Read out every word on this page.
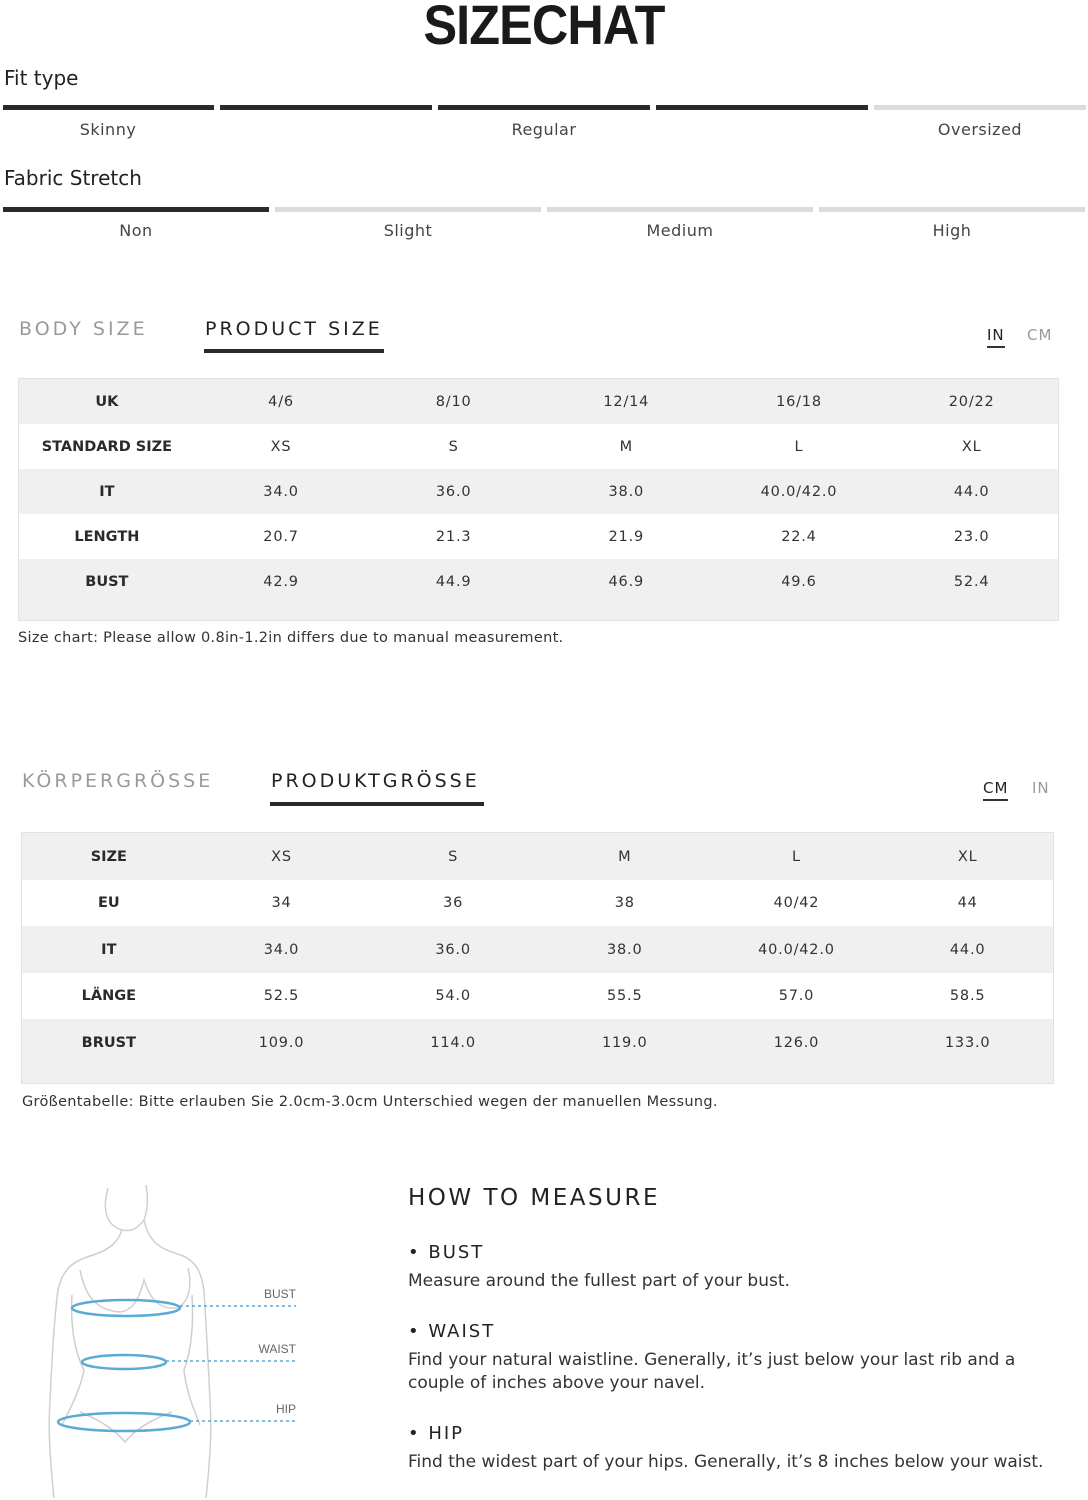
SIZECHAT
Fit type
Skinny	Regular	Oversized
Fabric Stretch
Non	Slight	Medium	High
BODY SIZE	PRODUCT SIZE	IN CM
UK	4/6	8/10	12/14	16/18	20/22
STANDARD SIZE	XS	S	M	L	XL
IT	34.0	36.0	38.0	40.0/42.0	44.0
LENGTH	20.7	21.3	21.9	22.4	23.0
BUST	42.9	44.9	46.9	49.6	52.4
Size chart: Please allow 0.8in-1.2in differs due to manual measurement.
KÖRPERGRÖSSE	PRODUKTGRÖSSE	CM IN
SIZE	XS	S	M	L	XL
EU	34	36	38	40/42	44
IT	34.0	36.0	38.0	40.0/42.0	44.0
LÄNGE	52.5	54.0	55.5	57.0	58.5
BRUST	109.0	114.0	119.0	126.0	133.0
Größentabelle: Bitte erlauben Sie 2.0cm-3.0cm Unterschied wegen der manuellen Messung.
BUST
WAIST
HIP
HOW TO MEASURE
• BUST
Measure around the fullest part of your bust.
• WAIST
Find your natural waistline. Generally, it’s just below your last rib and a couple of inches above your navel.
• HIP
Find the widest part of your hips. Generally, it’s 8 inches below your waist.
